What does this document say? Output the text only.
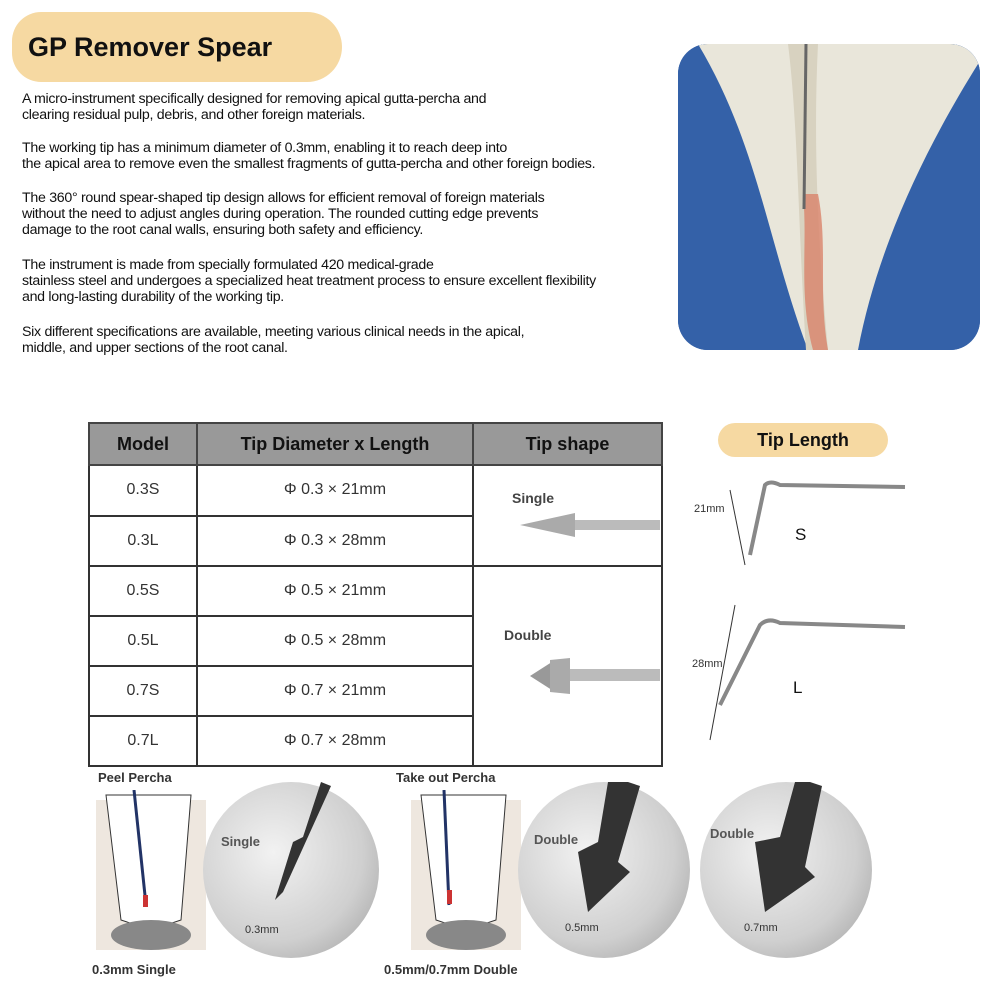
GP Remover Spear
A micro-instrument specifically designed for removing apical gutta-percha and
clearing residual pulp, debris, and other foreign materials.
The working tip has a minimum diameter of 0.3mm, enabling it to reach deep into
the apical area to remove even the smallest fragments of gutta-percha and other foreign bodies.
The 360° round spear-shaped tip design allows for efficient removal of foreign materials
without the need to adjust angles during operation. The rounded cutting edge prevents
damage to the root canal walls, ensuring both safety and efficiency.
The instrument is made from specially formulated 420 medical-grade
stainless steel and undergoes a specialized heat treatment process to ensure excellent flexibility
and long-lasting durability of the working tip.
Six different specifications are available, meeting various clinical needs in the apical,
middle, and upper sections of the root canal.
Model	Tip Diameter x Length	Tip shape
0.3S	Φ 0.3 × 21mm	Single

0.3L	Φ 0.3 × 28mm	
0.5S	Φ 0.5 × 21mm	Double

0.5L	Φ 0.5 × 28mm	
0.7S	Φ 0.7 × 21mm	
0.7L	Φ 0.7 × 28mm	
Tip Length
21mm
S
28mm
L
Peel Percha
Single
0.3mm
0.3mm Single
Take out Percha
Double
0.5mm
Double
0.7mm
0.5mm/0.7mm Double
